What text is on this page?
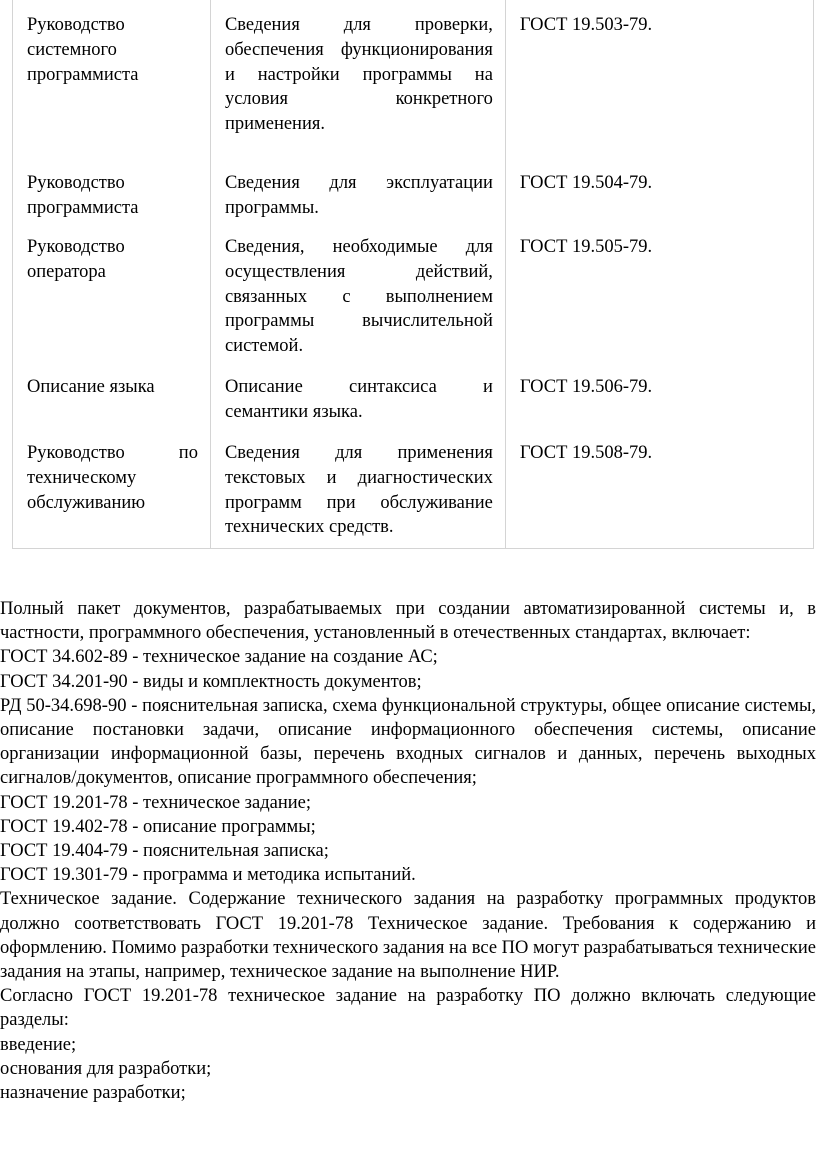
Руководство системного программиста	Сведения для проверки, обеспечения функционирования и настройки программы на условия конкретного применения.	ГОСТ 19.503-79.
Руководство программиста	Сведения для эксплуатации программы.	ГОСТ 19.504-79.
Руководство оператора	Сведения, необходимые для осуществления действий, связанных с выполнением программы вычислительной системой.	ГОСТ 19.505-79.
Описание языка	Описание синтаксиса и семантики языка.	ГОСТ 19.506-79.
Руководство по техническому обслуживанию	Сведения для применения текстовых и диагностических программ при обслуживание технических средств.	ГОСТ 19.508-79.

Полный пакет документов, разрабатываемых при создании автоматизированной системы и, в частности, программного обеспечения, установленный в отечественных стандартах, включает:

ГОСТ 34.602-89 - техническое задание на создание АС;

ГОСТ 34.201-90 - виды и комплектность документов;

РД 50-34.698-90 - пояснительная записка, схема функциональной структуры, общее описание системы, описание постановки задачи, описание информационного обеспечения системы, описание организации информационной базы, перечень входных сигналов и данных, перечень выходных сигналов/документов, описание программного обеспечения;

ГОСТ 19.201-78 - техническое задание;

ГОСТ 19.402-78 - описание программы;

ГОСТ 19.404-79 - пояснительная записка;

ГОСТ 19.301-79 - программа и методика испытаний.

Техническое задание. Содержание технического задания на разработку программных продуктов должно соответствовать ГОСТ 19.201-78 Техническое задание. Требования к содержанию и оформлению. Помимо разработки технического задания на все ПО могут разрабатываться технические задания на этапы, например, техническое задание на выполнение НИР.

Согласно ГОСТ 19.201-78 техническое задание на разработку ПО должно включать следующие разделы:

введение;

основания для разработки;

назначение разработки;
